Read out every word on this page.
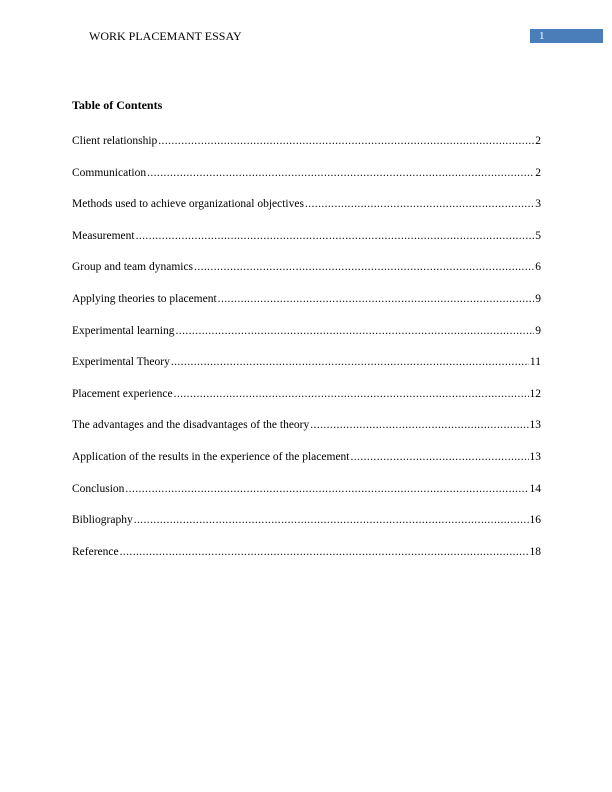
WORK PLACEMANT ESSAY	1
Table of Contents
Client relationship .....	2
Communication .....	2
Methods used to achieve organizational objectives .....	3
Measurement .....	5
Group and team dynamics .....	6
Applying theories to placement .....	9
Experimental learning .....	9
Experimental Theory .....	11
Placement experience .....	12
The advantages and the disadvantages of the theory .....	13
Application of the results in the experience of the placement .....	13
Conclusion .....	14
Bibliography .....	16
Reference .....	18
